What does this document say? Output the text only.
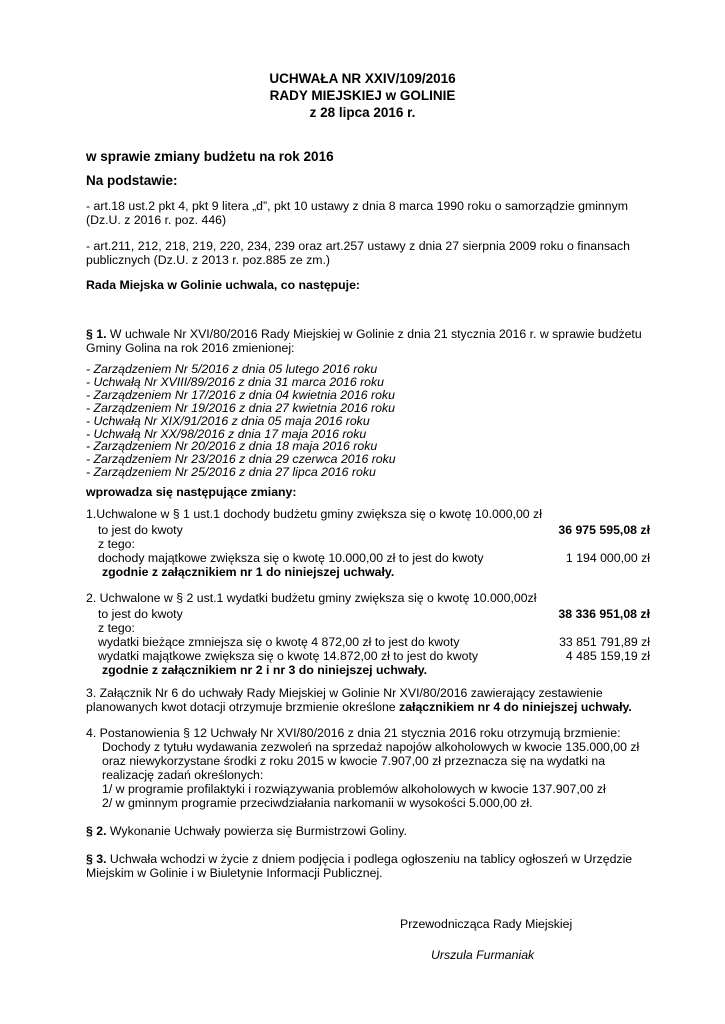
UCHWAŁA NR XXIV/109/2016
RADY MIEJSKIEJ w GOLINIE
z 28 lipca 2016 r.
w sprawie zmiany budżetu na rok 2016
Na podstawie:
- art.18 ust.2 pkt 4, pkt 9 litera „d”, pkt 10 ustawy z dnia 8 marca 1990 roku o samorządzie gminnym
(Dz.U. z 2016 r. poz. 446)
- art.211, 212, 218, 219, 220, 234, 239 oraz art.257 ustawy z dnia 27 sierpnia 2009 roku o finansach
publicznych (Dz.U. z 2013 r. poz.885 ze zm.)
Rada Miejska w Golinie uchwala, co następuje:
§ 1. W uchwale Nr XVI/80/2016 Rady Miejskiej w Golinie z dnia 21 stycznia 2016 r. w sprawie budżetu
Gminy Golina na rok 2016 zmienionej:
- Zarządzeniem Nr 5/2016 z dnia 05 lutego 2016 roku
- Uchwałą Nr XVIII/89/2016 z dnia 31 marca 2016 roku
- Zarządzeniem Nr 17/2016 z dnia 04 kwietnia 2016 roku
- Zarządzeniem Nr 19/2016 z dnia 27 kwietnia 2016 roku
- Uchwałą Nr XIX/91/2016 z dnia 05 maja 2016 roku
- Uchwałą Nr XX/98/2016 z dnia 17 maja 2016 roku
- Zarządzeniem Nr 20/2016 z dnia 18 maja 2016 roku
- Zarządzeniem Nr 23/2016 z dnia 29 czerwca 2016 roku
- Zarządzeniem Nr 25/2016 z dnia 27 lipca 2016 roku
wprowadza się następujące zmiany:
1.Uchwalone w § 1 ust.1 dochody budżetu gminy zwiększa się o kwotę 10.000,00 zł
to jest do kwoty	36 975 595,08 zł
z tego:
dochody majątkowe zwiększa się o kwotę 10.000,00 zł to jest do kwoty	1 194 000,00 zł
zgodnie z załącznikiem nr 1 do niniejszej uchwały.
2. Uchwalone w § 2 ust.1 wydatki budżetu gminy zwiększa się o kwotę 10.000,00zł
to jest do kwoty	38 336 951,08 zł
z tego:
wydatki bieżące zmniejsza się o kwotę 4 872,00 zł to jest do kwoty	33 851 791,89 zł
wydatki majątkowe zwiększa się o kwotę 14.872,00 zł to jest do kwoty	4 485 159,19 zł
zgodnie z załącznikiem nr 2 i nr 3 do niniejszej uchwały.
3. Załącznik Nr 6 do uchwały Rady Miejskiej w Golinie Nr XVI/80/2016 zawierający zestawienie
planowanych kwot dotacji otrzymuje brzmienie określone załącznikiem nr 4 do niniejszej uchwały.
4. Postanowienia § 12 Uchwały Nr XVI/80/2016 z dnia 21 stycznia 2016 roku otrzymują brzmienie:
Dochody z tytułu wydawania zezwoleń na sprzedaż napojów alkoholowych w kwocie 135.000,00 zł
oraz niewykorzystane środki z roku 2015 w kwocie 7.907,00 zł przeznacza się na wydatki na
realizację zadań określonych:
1/ w programie profilaktyki i rozwiązywania problemów alkoholowych w kwocie 137.907,00 zł
2/ w gminnym programie przeciwdziałania narkomanii w wysokości 5.000,00 zł.
§ 2. Wykonanie Uchwały powierza się Burmistrzowi Goliny.
§ 3. Uchwała wchodzi w życie z dniem podjęcia i podlega ogłoszeniu na tablicy ogłoszeń w Urzędzie
Miejskim w Golinie i w Biuletynie Informacji Publicznej.
Przewodnicząca Rady Miejskiej
Urszula Furmaniak
